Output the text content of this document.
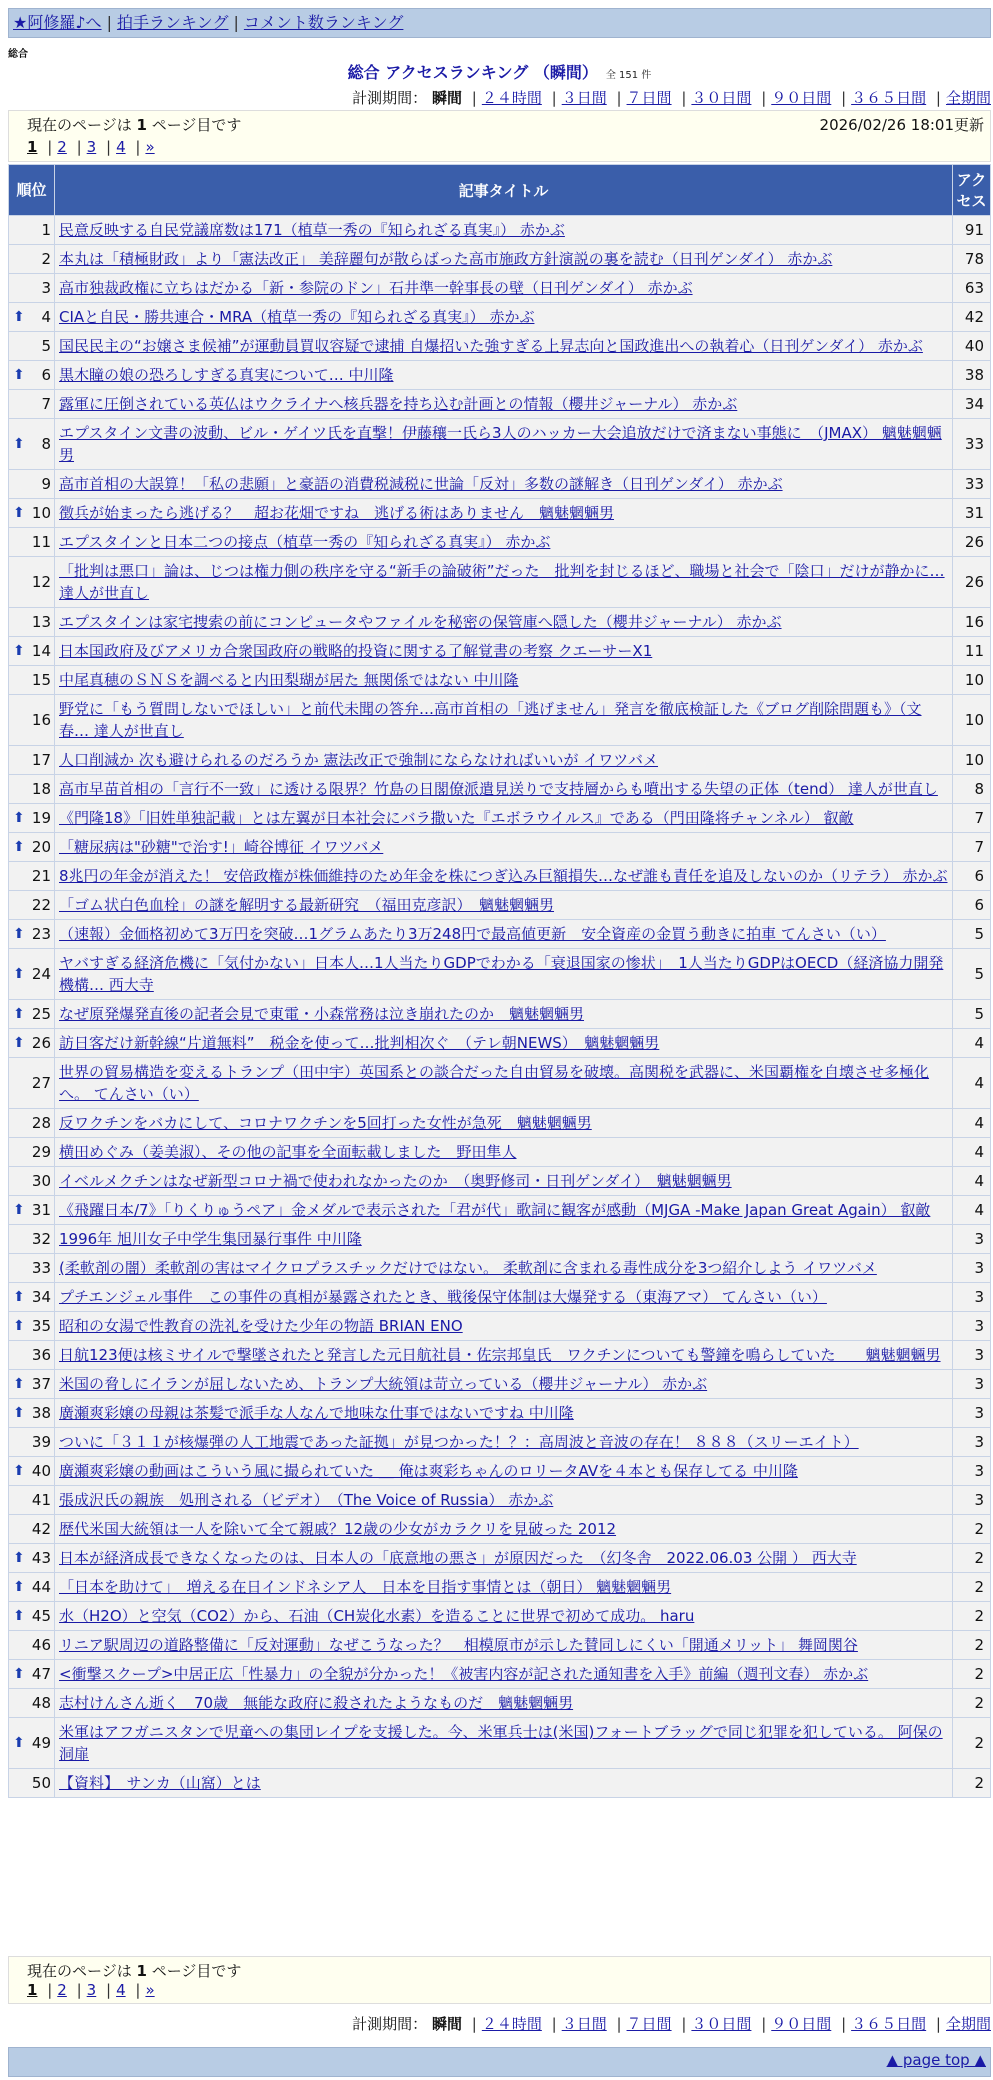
★阿修羅♪へ | 拍手ランキング | コメント数ランキング
総合
総合 アクセスランキング （瞬間） 全 151 件
計測期間： 瞬間 | ２４時間 | ３日間 | ７日間 | ３０日間 | ９０日間 | ３６５日間 | 全期間
現在のページは 1 ページ目です	2026/02/26 18:01更新
1 | 2 | 3 | 4 | »
順位	記事タイトル	アクセス
1	民意反映する自民党議席数は171（植草一秀の『知られざる真実』） 赤かぶ	91
2	本丸は「積極財政」より「憲法改正」 美辞麗句が散らばった高市施政方針演説の裏を読む（日刊ゲンダイ） 赤かぶ	78
3	高市独裁政権に立ちはだかる「新・参院のドン」石井準一幹事長の壁（日刊ゲンダイ） 赤かぶ	63

⬆ 4	CIAと自民・勝共連合・MRA（植草一秀の『知られざる真実』） 赤かぶ	42
5	国民民主の“お嬢さま候補”が運動員買収容疑で逮捕 自爆招いた強すぎる上昇志向と国政進出への執着心（日刊ゲンダイ） 赤かぶ	40

⬆ 6	黒木瞳の娘の恐ろしすぎる真実について… 中川隆	38
7	露軍に圧倒されている英仏はウクライナへ核兵器を持ち込む計画との情報（櫻井ジャーナル） 赤かぶ	34

⬆ 8	エプスタイン文書の波動、ビル・ゲイツ氏を直撃！伊藤穰一氏ら3人のハッカー大会追放だけで済まない事態に　（JMAX） 魑魅魍魎男	33
9	高市首相の大誤算！「私の悲願」と豪語の消費税減税に世論「反対」多数の謎解き（日刊ゲンダイ） 赤かぶ	33

⬆ 10	徴兵が始まったら逃げる？　超お花畑ですね　逃げる術はありません　魑魅魍魎男	31
11	エプスタインと日本二つの接点（植草一秀の『知られざる真実』） 赤かぶ	26
12	「批判は悪口」論は、じつは権力側の秩序を守る“新手の論破術”だった　批判を封じるほど、職場と社会で「陰口」だけが静かに… 達人が世直し	26
13	エプスタインは家宅捜索の前にコンピュータやファイルを秘密の保管庫へ隠した（櫻井ジャーナル） 赤かぶ	16

⬆ 14	日本国政府及びアメリカ合衆国政府の戦略的投資に関する了解覚書の考察 クエーサーX1	11
15	中尾真穂のＳＮＳを調べると内田梨瑚が居た 無関係ではない 中川隆	10
16	野党に「もう質問しないでほしい」と前代未聞の答弁…高市首相の「逃げません」発言を徹底検証した《ブログ削除問題も》（文春… 達人が世直し	10
17	人口削減か 次も避けられるのだろうか 憲法改正で強制にならなければいいが イワツバメ	10
18	高市早苗首相の「言行不一致」に透ける限界？竹島の日閣僚派遣見送りで支持層からも噴出する失望の正体（tend） 達人が世直し	8

⬆ 19	《門隆18》「旧姓単独記載」とは左翼が日本社会にバラ撒いた『エボラウイルス』である（門田隆将チャンネル） 叡敵	7

⬆ 20	「糖尿病は"砂糖"で治す!」崎谷博征 イワツバメ	7
21	8兆円の年金が消えた！ 安倍政権が株価維持のため年金を株につぎ込み巨額損失…なぜ誰も責任を追及しないのか（リテラ） 赤かぶ	6
22	「ゴム状白色血栓」の謎を解明する最新研究　（福田克彦訳）　魑魅魍魎男	6

⬆ 23	（速報）金価格初めて3万円を突破…1グラムあたり3万248円で最高値更新　安全資産の金買う動きに拍車 てんさい（い）	5

⬆ 24	ヤバすぎる経済危機に「気付かない」日本人…1人当たりGDPでわかる「衰退国家の惨状」　1人当たりGDPはOECD（経済協力開発機構… 西大寺	5

⬆ 25	なぜ原発爆発直後の記者会見で東電・小森常務は泣き崩れたのか　魑魅魍魎男	5

⬆ 26	訪日客だけ新幹線“片道無料”　税金を使って…批判相次ぐ　（テレ朝NEWS）　魑魅魍魎男	4
27	世界の貿易構造を変えるトランプ（田中宇）英国系との談合だった自由貿易を破壊。高関税を武器に、米国覇権を自壊させ多極化へ。 てんさい（い）	4
28	反ワクチンをバカにして、コロナワクチンを5回打った女性が急死　魑魅魍魎男	4
29	横田めぐみ（姜美淑）、その他の記事を全面転載しました　野田隼人	4
30	イベルメクチンはなぜ新型コロナ禍で使われなかったのか　（奥野修司・日刊ゲンダイ）　魑魅魍魎男	4

⬆ 31	《飛躍日本/7》「りくりゅうペア」金メダルで表示された「君が代」歌詞に観客が感動（MJGA -Make Japan Great Again） 叡敵	4
32	1996年 旭川女子中学生集団暴行事件 中川隆	3
33	(柔軟剤の闇）柔軟剤の害はマイクロプラスチックだけではない。 柔軟剤に含まれる毒性成分を3つ紹介しよう イワツバメ	3

⬆ 34	プチエンジェル事件　この事件の真相が暴露されたとき、戦後保守体制は大爆発する（東海アマ） てんさい（い）	3

⬆ 35	昭和の女湯で性教育の洗礼を受けた少年の物語 BRIAN ENO	3
36	日航123便は核ミサイルで撃墜されたと発言した元日航社員・佐宗邦皇氏　ワクチンについても警鐘を鳴らしていた　　魑魅魍魎男	3

⬆ 37	米国の脅しにイランが屈しないため、トランプ大統領は苛立っている（櫻井ジャーナル） 赤かぶ	3

⬆ 38	廣瀬爽彩嬢の母親は茶髪で派手な人なんで地味な仕事ではないですね 中川隆	3
39	ついに「３１１が核爆弾の人工地震であった証拠」が見つかった！？：高周波と音波の存在！ ８８８（スリーエイト）	3

⬆ 40	廣瀬爽彩嬢の動画はこういう風に撮られていた ＿ 俺は爽彩ちゃんのロリータAVを４本とも保存してる 中川隆	3
41	張成沢氏の親族　処刑される（ビデオ）　（The Voice of Russia） 赤かぶ	3
42	歴代米国大統領は一人を除いて全て親戚？12歳の少女がカラクリを見破った 2012	2

⬆ 43	日本が経済成長できなくなったのは、日本人の「底意地の悪さ」が原因だった　（幻冬舎　2022.06.03 公開 ） 西大寺	2

⬆ 44	「日本を助けて」　増える在日インドネシア人　日本を目指す事情とは（朝日） 魑魅魍魎男	2

⬆ 45	水（H2O）と空気（CO2）から、石油（CH炭化水素）を造ることに世界で初めて成功。 haru	2
46	リニア駅周辺の道路整備に「反対運動」なぜこうなった？　相模原市が示した賛同しにくい「開通メリット」 舞岡関谷	2

⬆ 47	<衝撃スクープ>中居正広「性暴力」の全貌が分かった！《被害内容が記された通知書を入手》前編（週刊文春） 赤かぶ	2
48	志村けんさん逝く　70歳　無能な政府に殺されたようなものだ　魑魅魍魎男	2

⬆ 49	米軍はアフガニスタンで児童への集団レイプを支援した。今、米軍兵士は(米国)フォートブラッグで同じ犯罪を犯している。 阿保の洞扉	2
50	【資料】　サンカ（山窩）とは	2
現在のページは 1 ページ目です
1 | 2 | 3 | 4 | »
計測期間： 瞬間 | ２４時間 | ３日間 | ７日間 | ３０日間 | ９０日間 | ３６５日間 | 全期間
▲ page top ▲
